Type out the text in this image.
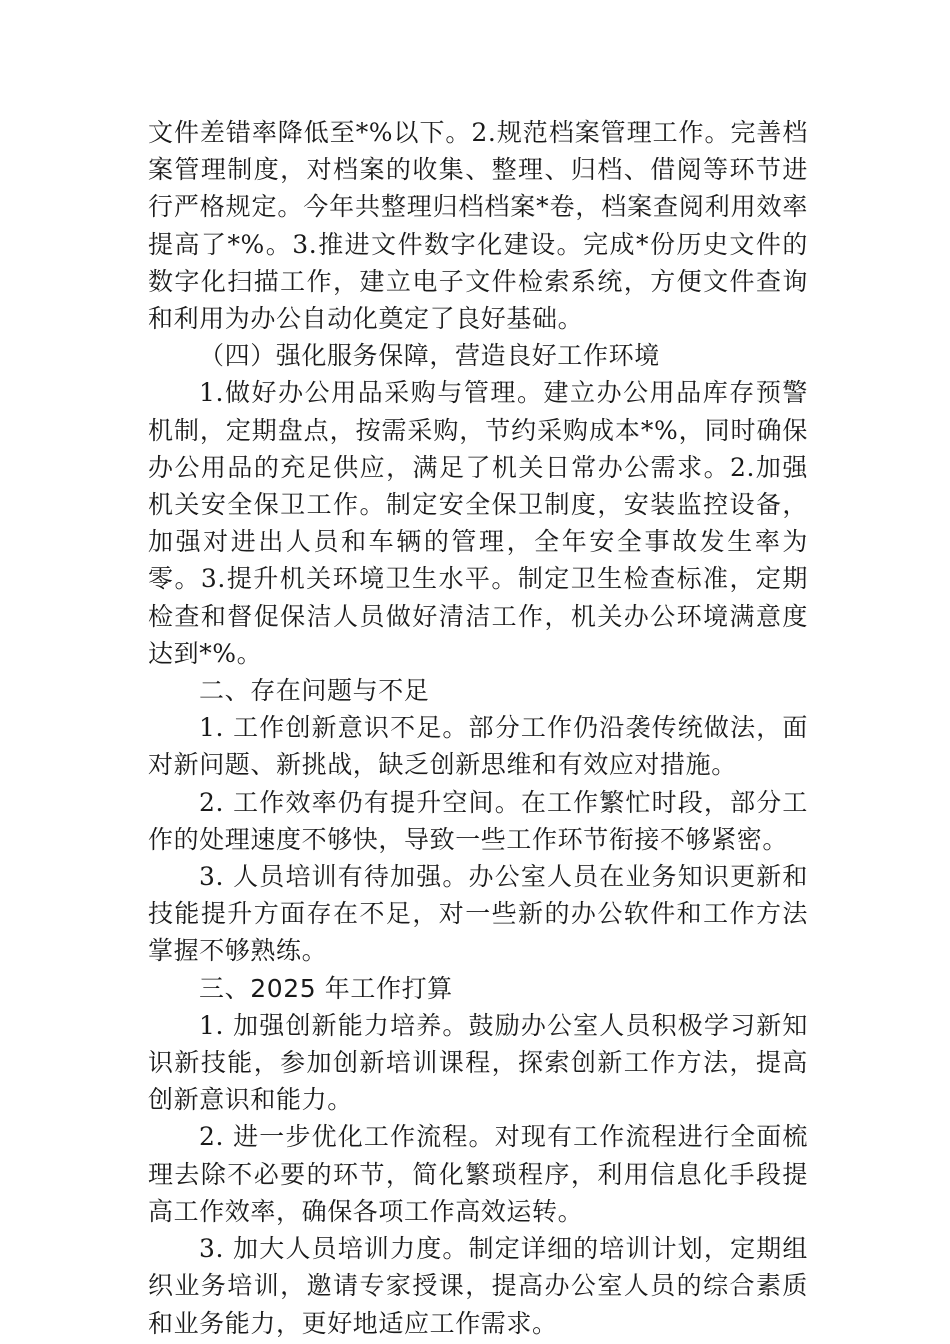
文件差错率降低至*%以下。2.规范档案管理工作。完善档案管理制度，对档案的收集、整理、归档、借阅等环节进行严格规定。今年共整理归档档案*卷，档案查阅利用效率提高了*%。3.推进文件数字化建设。完成*份历史文件的数字化扫描工作，建立电子文件检索系统，方便文件查询和利用为办公自动化奠定了良好基础。

（四）强化服务保障，营造良好工作环境

1.做好办公用品采购与管理。建立办公用品库存预警机制，定期盘点，按需采购，节约采购成本*%，同时确保办公用品的充足供应，满足了机关日常办公需求。2.加强机关安全保卫工作。制定安全保卫制度，安装监控设备，加强对进出人员和车辆的管理，全年安全事故发生率为零。3.提升机关环境卫生水平。制定卫生检查标准，定期检查和督促保洁人员做好清洁工作，机关办公环境满意度达到*%。

二、存在问题与不足

1. 工作创新意识不足。部分工作仍沿袭传统做法，面对新问题、新挑战，缺乏创新思维和有效应对措施。

2. 工作效率仍有提升空间。在工作繁忙时段，部分工作的处理速度不够快，导致一些工作环节衔接不够紧密。

3. 人员培训有待加强。办公室人员在业务知识更新和技能提升方面存在不足，对一些新的办公软件和工作方法掌握不够熟练。

三、2025 年工作打算

1. 加强创新能力培养。鼓励办公室人员积极学习新知识新技能，参加创新培训课程，探索创新工作方法，提高创新意识和能力。

2. 进一步优化工作流程。对现有工作流程进行全面梳理去除不必要的环节，简化繁琐程序，利用信息化手段提高工作效率，确保各项工作高效运转。

3. 加大人员培训力度。制定详细的培训计划，定期组织业务培训，邀请专家授课，提高办公室人员的综合素质和业务能力，更好地适应工作需求。
